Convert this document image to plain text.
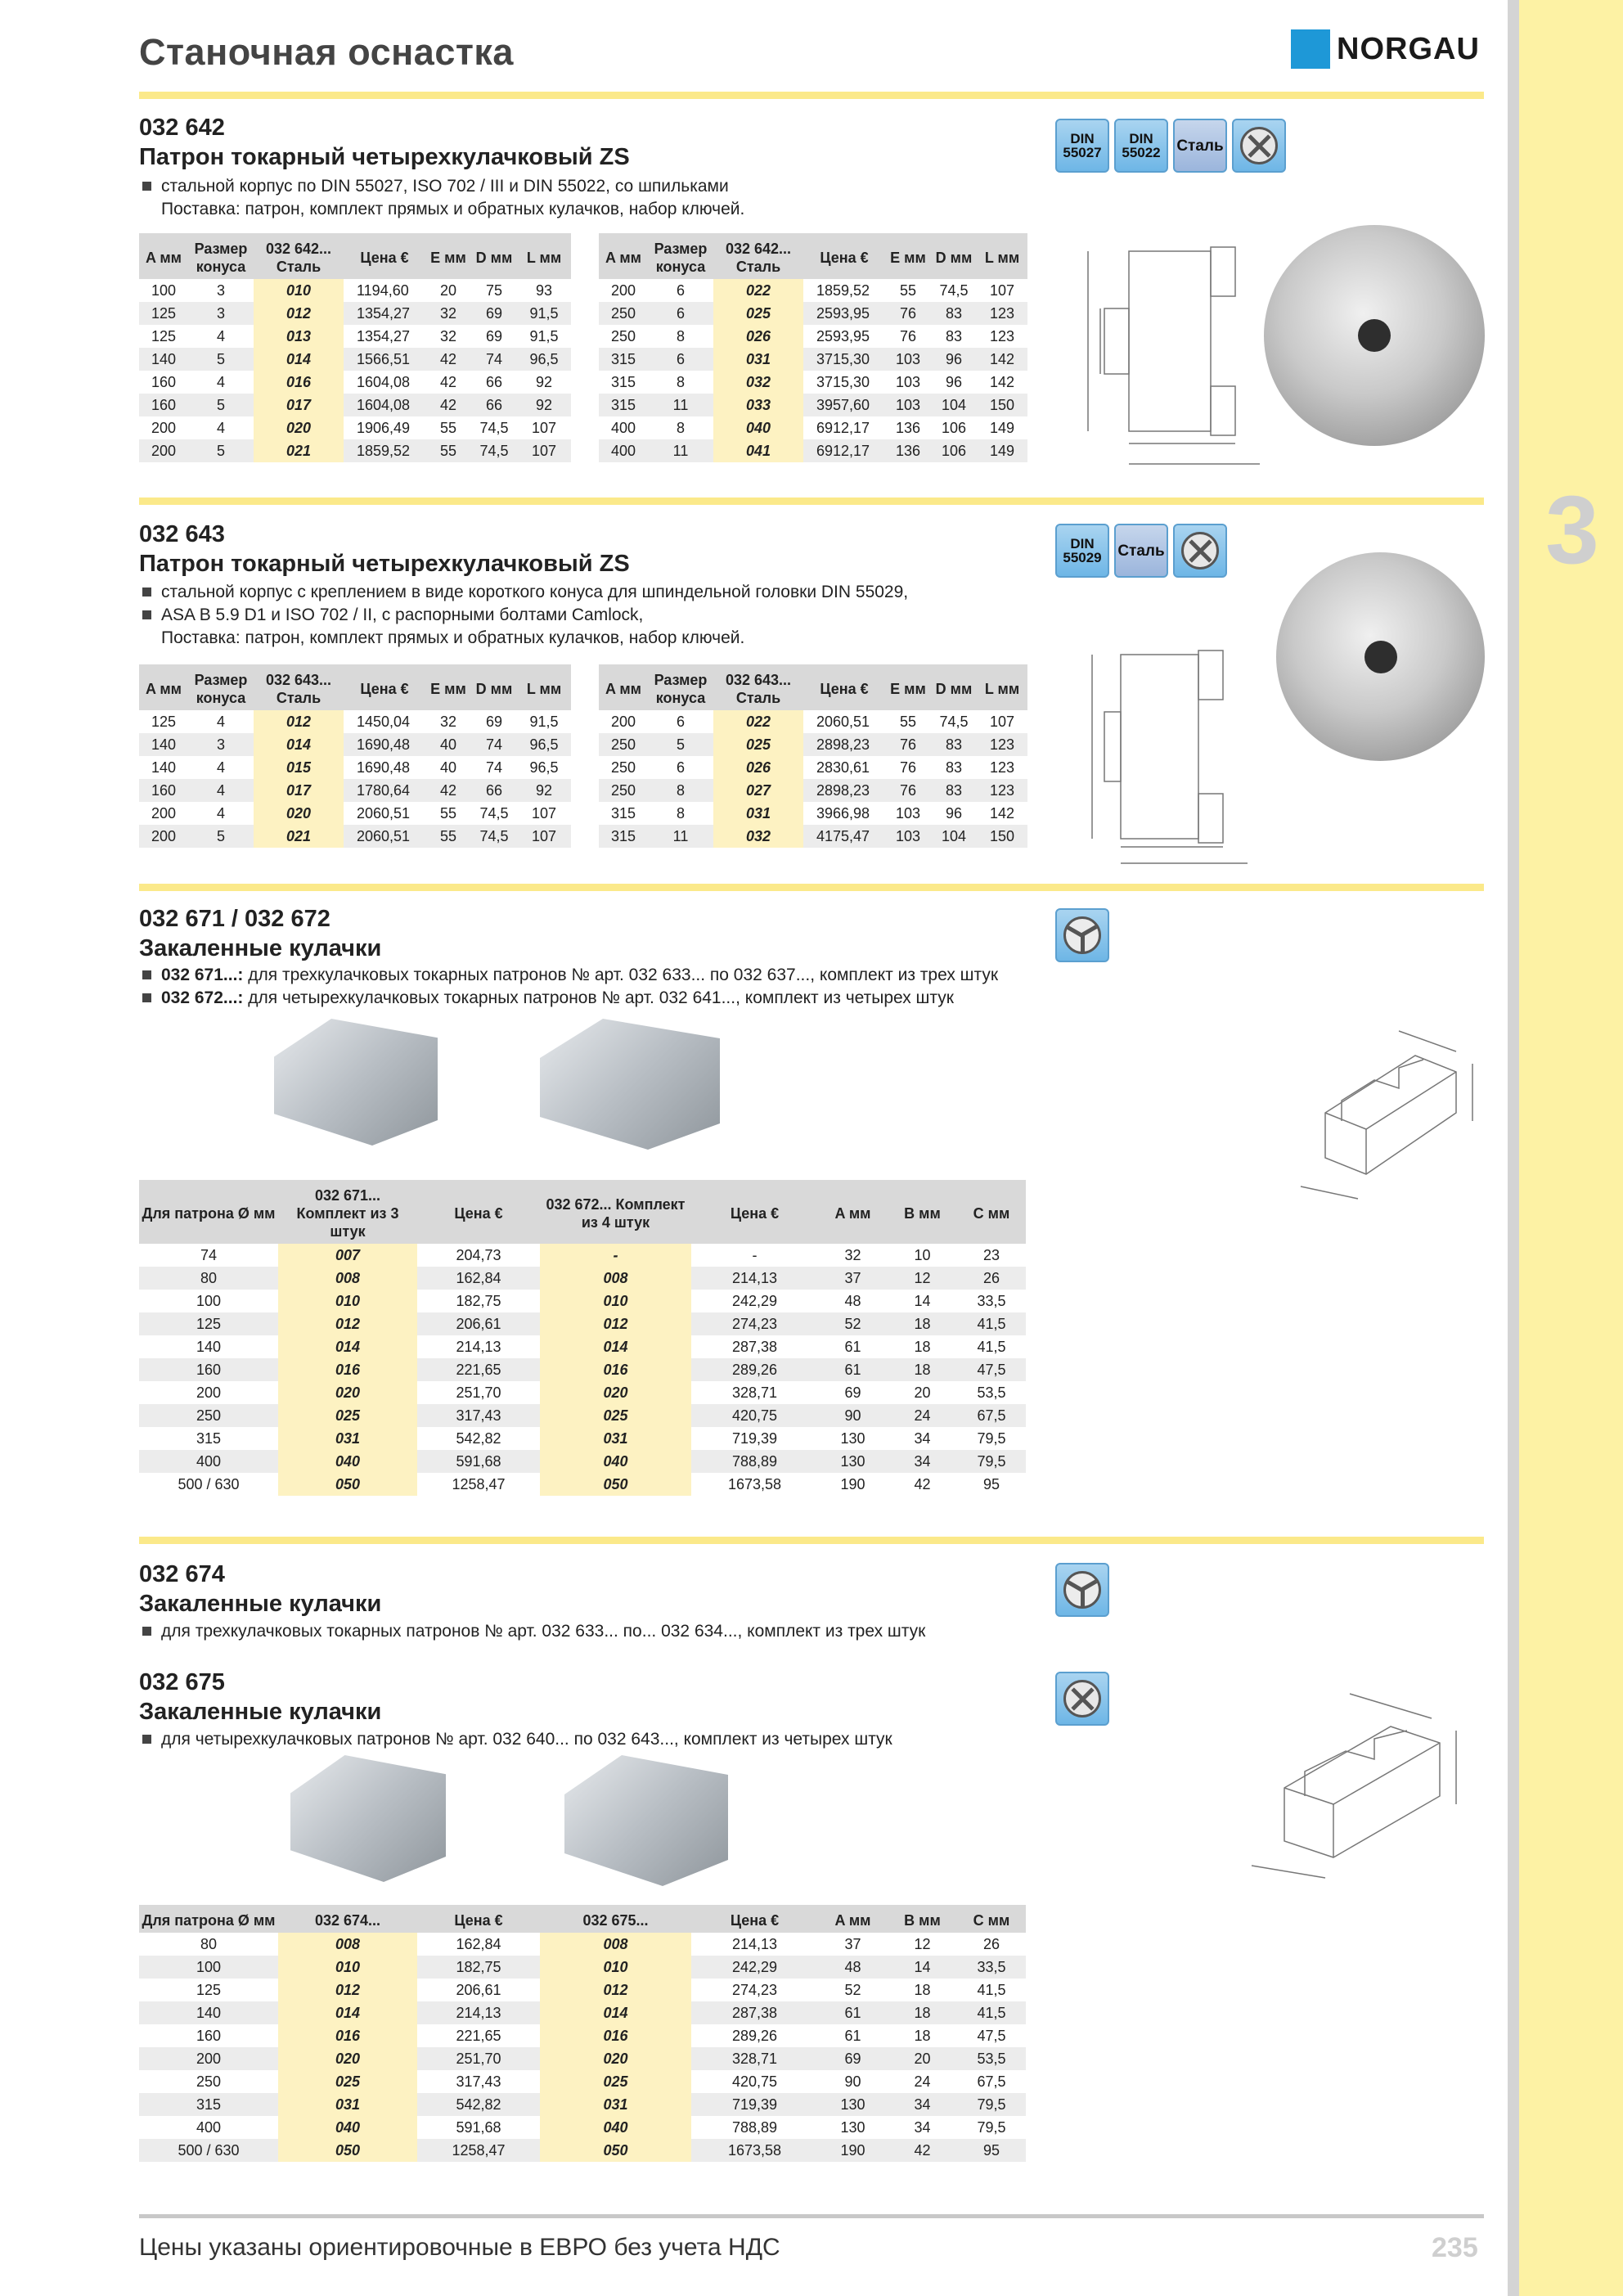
3
Станочная оснастка	NORGAU
032 642
Патрон токарный четырехкулачковый ZS
стальной корпус по DIN 55027, ISO 702 / III и DIN 55022, со шпильками
Поставка: патрон, комплект прямых и обратных кулачков, набор ключей.
DIN 55027
DIN 55022	Сталь
A мм	Размер конуса	032 642... Сталь	Цена €	E мм	D мм	L мм
100	3	010	1194,60	20	75	93
125	3	012	1354,27	32	69	91,5
125	4	013	1354,27	32	69	91,5
140	5	014	1566,51	42	74	96,5
160	4	016	1604,08	42	66	92
160	5	017	1604,08	42	66	92
200	4	020	1906,49	55	74,5	107
200	5	021	1859,52	55	74,5	107
A мм	Размер конуса	032 642... Сталь	Цена €	E мм	D мм	L мм
200	6	022	1859,52	55	74,5	107
250	6	025	2593,95	76	83	123
250	8	026	2593,95	76	83	123
315	6	031	3715,30	103	96	142
315	8	032	3715,30	103	96	142
315	11	033	3957,60	103	104	150
400	8	040	6912,17	136	106	149
400	11	041	6912,17	136	106	149
032 643
Патрон токарный четырехкулачковый ZS
стальной корпус с креплением в виде короткого конуса для шпиндельной головки DIN 55029,
ASA B 5.9 D1 и ISO 702 / II, с распорными болтами Camlock,
Поставка: патрон, комплект прямых и обратных кулачков, набор ключей.
DIN 55029	Сталь
A мм	Размер конуса	032 643... Сталь	Цена €	E мм	D мм	L мм
125	4	012	1450,04	32	69	91,5
140	3	014	1690,48	40	74	96,5
140	4	015	1690,48	40	74	96,5
160	4	017	1780,64	42	66	92
200	4	020	2060,51	55	74,5	107
200	5	021	2060,51	55	74,5	107
A мм	Размер конуса	032 643... Сталь	Цена €	E мм	D мм	L мм
200	6	022	2060,51	55	74,5	107
250	5	025	2898,23	76	83	123
250	6	026	2830,61	76	83	123
250	8	027	2898,23	76	83	123
315	8	031	3966,98	103	96	142
315	11	032	4175,47	103	104	150
032 671 / 032 672
Закаленные кулачки
032 671...: для трехкулачковых токарных патронов № арт. 032 633... по 032 637..., комплект из трех штук
032 672...: для четырехкулачковых токарных патронов № арт. 032 641..., комплект из четырех штук
Для патрона Ø мм	032 671... Комплект из 3 штук	Цена €	032 672... Комплект из 4 штук	Цена €	A мм	B мм	C мм
74	007	204,73	-	-	32	10	23
80	008	162,84	008	214,13	37	12	26
100	010	182,75	010	242,29	48	14	33,5
125	012	206,61	012	274,23	52	18	41,5
140	014	214,13	014	287,38	61	18	41,5
160	016	221,65	016	289,26	61	18	47,5
200	020	251,70	020	328,71	69	20	53,5
250	025	317,43	025	420,75	90	24	67,5
315	031	542,82	031	719,39	130	34	79,5
400	040	591,68	040	788,89	130	34	79,5
500 / 630	050	1258,47	050	1673,58	190	42	95
032 674
Закаленные кулачки
для трехкулачковых токарных патронов № арт. 032 633... по... 032 634..., комплект из трех штук
032 675
Закаленные кулачки
для четырехкулачковых патронов № арт. 032 640... по 032 643..., комплект из четырех штук
Для патрона Ø мм	032 674...	Цена €	032 675...	Цена €	A мм	B мм	C мм
80	008	162,84	008	214,13	37	12	26
100	010	182,75	010	242,29	48	14	33,5
125	012	206,61	012	274,23	52	18	41,5
140	014	214,13	014	287,38	61	18	41,5
160	016	221,65	016	289,26	61	18	47,5
200	020	251,70	020	328,71	69	20	53,5
250	025	317,43	025	420,75	90	24	67,5
315	031	542,82	031	719,39	130	34	79,5
400	040	591,68	040	788,89	130	34	79,5
500 / 630	050	1258,47	050	1673,58	190	42	95
Цены указаны ориентировочные в ЕВРО без учета НДС	235
